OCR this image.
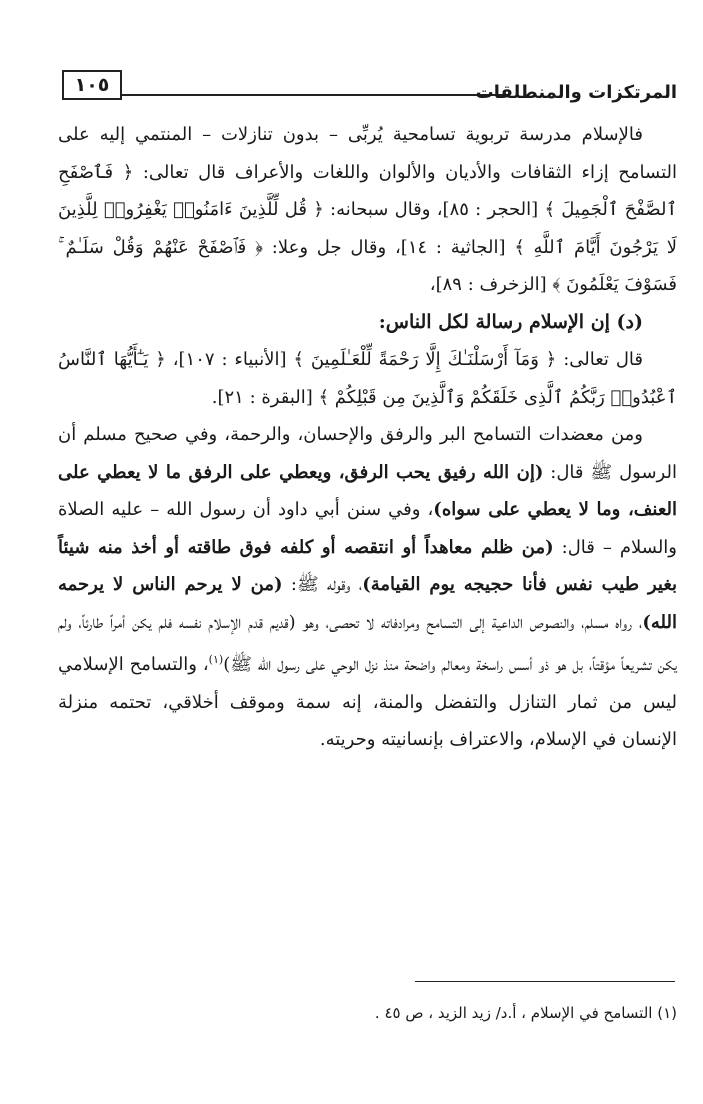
١٠٥	المرتكزات والمنطلقات

فالإسلام مدرسة تربوية تسامحية يُربِّى – بدون تنازلات – المنتمي إليه على التسامح إزاء الثقافات والأديان والألوان واللغات والأعراف قال تعالى: ﴿ فَٱصْفَحِ ٱلصَّفْحَ ٱلْجَمِيلَ ﴾ [الحجر : ٨٥]، وقال سبحانه: ﴿ قُل لِّلَّذِينَ ءَامَنُوا۟ يَغْفِرُوا۟ لِلَّذِينَ لَا يَرْجُونَ أَيَّامَ ٱللَّهِ ﴾ [الجاثية : ١٤]، وقال جل وعلا: ﴿ فَٱصْفَحْ عَنْهُمْ وَقُلْ سَلَـٰمٌ ۚ فَسَوْفَ يَعْلَمُونَ ﴾ [الزخرف : ٨٩]،

(د) إن الإسلام رسالة لكل الناس:

قال تعالى: ﴿ وَمَآ أَرْسَلْنَـٰكَ إِلَّا رَحْمَةً لِّلْعَـٰلَمِينَ ﴾ [الأنبياء : ١٠٧]، ﴿ يَـٰٓأَيُّهَا ٱلنَّاسُ ٱعْبُدُوا۟ رَبَّكُمُ ٱلَّذِى خَلَقَكُمْ وَٱلَّذِينَ مِن قَبْلِكُمْ ﴾ [البقرة : ٢١].

ومن معضدات التسامح البر والرفق والإحسان، والرحمة، وفي صحيح مسلم أن الرسول ﷺ قال: (إن الله رفيق يحب الرفق، ويعطي على الرفق ما لا يعطي على العنف، وما لا يعطي على سواه)، وفي سنن أبي داود أن رسول الله – عليه الصلاة والسلام – قال: (من ظلم معاهداً أو انتقصه أو كلفه فوق طاقته أو أخذ منه شيئاً بغير طيب نفس فأنا حجيجه يوم القيامة)، وقوله ﷺ: (من لا يرحم الناس لا يرحمه الله)، رواه مسلم، والنصوص الداعية إلى التسامح ومرادفاته لا تحصى، وهو (قديم قدم الإسلام نفسه فلم يكن أمراً طارئاً، ولم يكن تشريعاً مؤقتاً، بل هو ذو أسس راسخة ومعالم واضحة منذ نزل الوحي على رسول الله ﷺ)$^{(١)}$، والتسامح الإسلامي ليس من ثمار التنازل والتفضل والمنة، إنه سمة وموقف أخلاقي، تحتمه منزلة الإنسان في الإسلام، والاعتراف بإنسانيته وحريته.

(١) التسامح في الإسلام ، أ.د/ زيد الزيد ، ص ٤٥ .
